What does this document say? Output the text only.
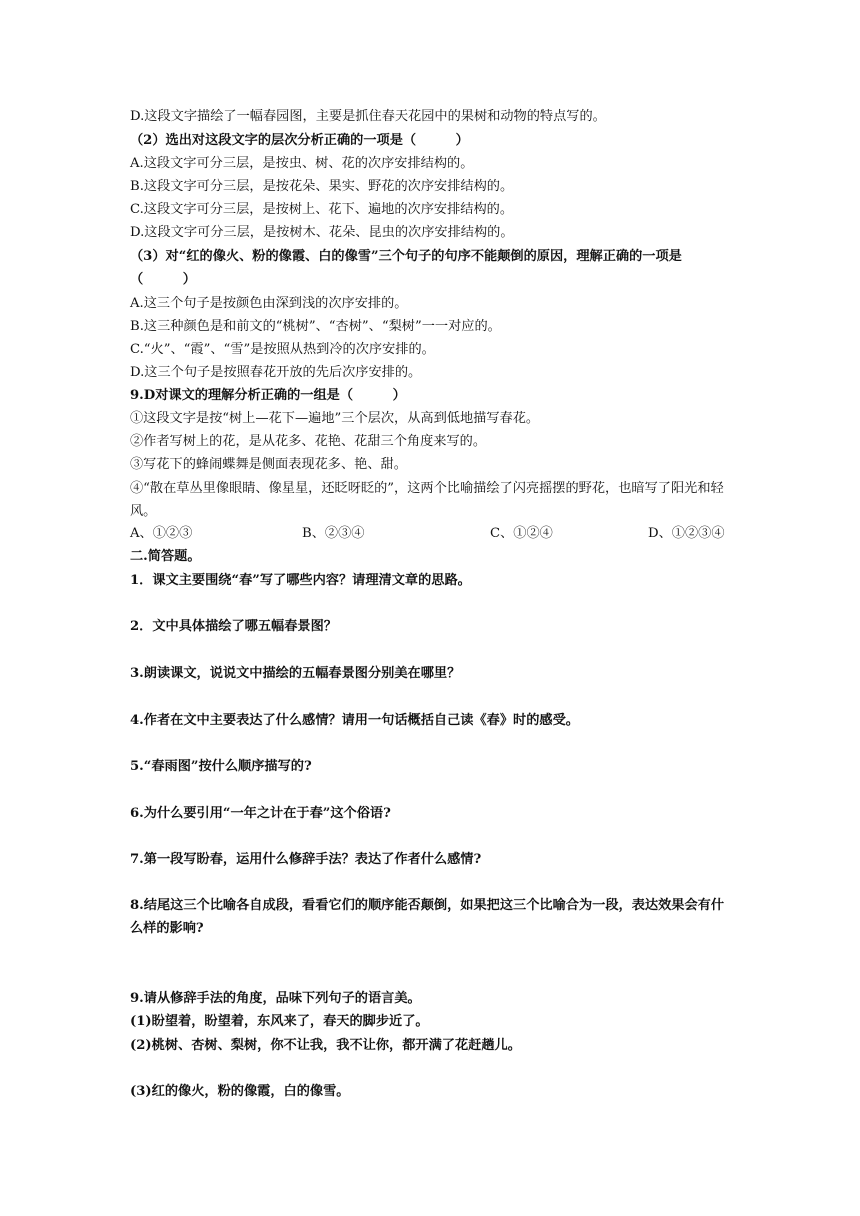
D.这段文字描绘了一幅春园图，主要是抓住春天花园中的果树和动物的特点写的。
（2）选出对这段文字的层次分析正确的一项是（　　　）
A.这段文字可分三层，是按虫、树、花的次序安排结构的。
B.这段文字可分三层，是按花朵、果实、野花的次序安排结构的。
C.这段文字可分三层，是按树上、花下、遍地的次序安排结构的。
D.这段文字可分三层，是按树木、花朵、昆虫的次序安排结构的。
（3）对“红的像火、粉的像霞、白的像雪”三个句子的句序不能颠倒的原因，理解正确的一项是（　　　）
A.这三个句子是按颜色由深到浅的次序安排的。
B.这三种颜色是和前文的“桃树”、“杏树”、“梨树”一一对应的。
C.“火”、“霞”、“雪”是按照从热到冷的次序安排的。
D.这三个句子是按照春花开放的先后次序安排的。
9.D对课文的理解分析正确的一组是（　　　）
①这段文字是按“树上—花下—遍地”三个层次，从高到低地描写春花。
②作者写树上的花，是从花多、花艳、花甜三个角度来写的。
③写花下的蜂闹蝶舞是侧面表现花多、艳、甜。
④“散在草丛里像眼睛、像星星，还眨呀眨的”，这两个比喻描绘了闪亮摇摆的野花，也暗写了阳光和轻风。
A、①②③	B、②③④	C、①②④	D、①②③④
二.简答题。
1．课文主要围绕“春”写了哪些内容？请理清文章的思路。
2．文中具体描绘了哪五幅春景图？
3.朗读课文，说说文中描绘的五幅春景图分别美在哪里？
4.作者在文中主要表达了什么感情？请用一句话概括自己读《春》时的感受。
5.“春雨图”按什么顺序描写的?
6.为什么要引用“一年之计在于春”这个俗语?
7.第一段写盼春，运用什么修辞手法？表达了作者什么感情?
8.结尾这三个比喻各自成段，看看它们的顺序能否颠倒，如果把这三个比喻合为一段，表达效果会有什么样的影响?
9.请从修辞手法的角度，品味下列句子的语言美。
(1)盼望着，盼望着，东风来了，春天的脚步近了。
(2)桃树、杏树、梨树，你不让我，我不让你，都开满了花赶趟儿。
(3)红的像火，粉的像霞，白的像雪。
